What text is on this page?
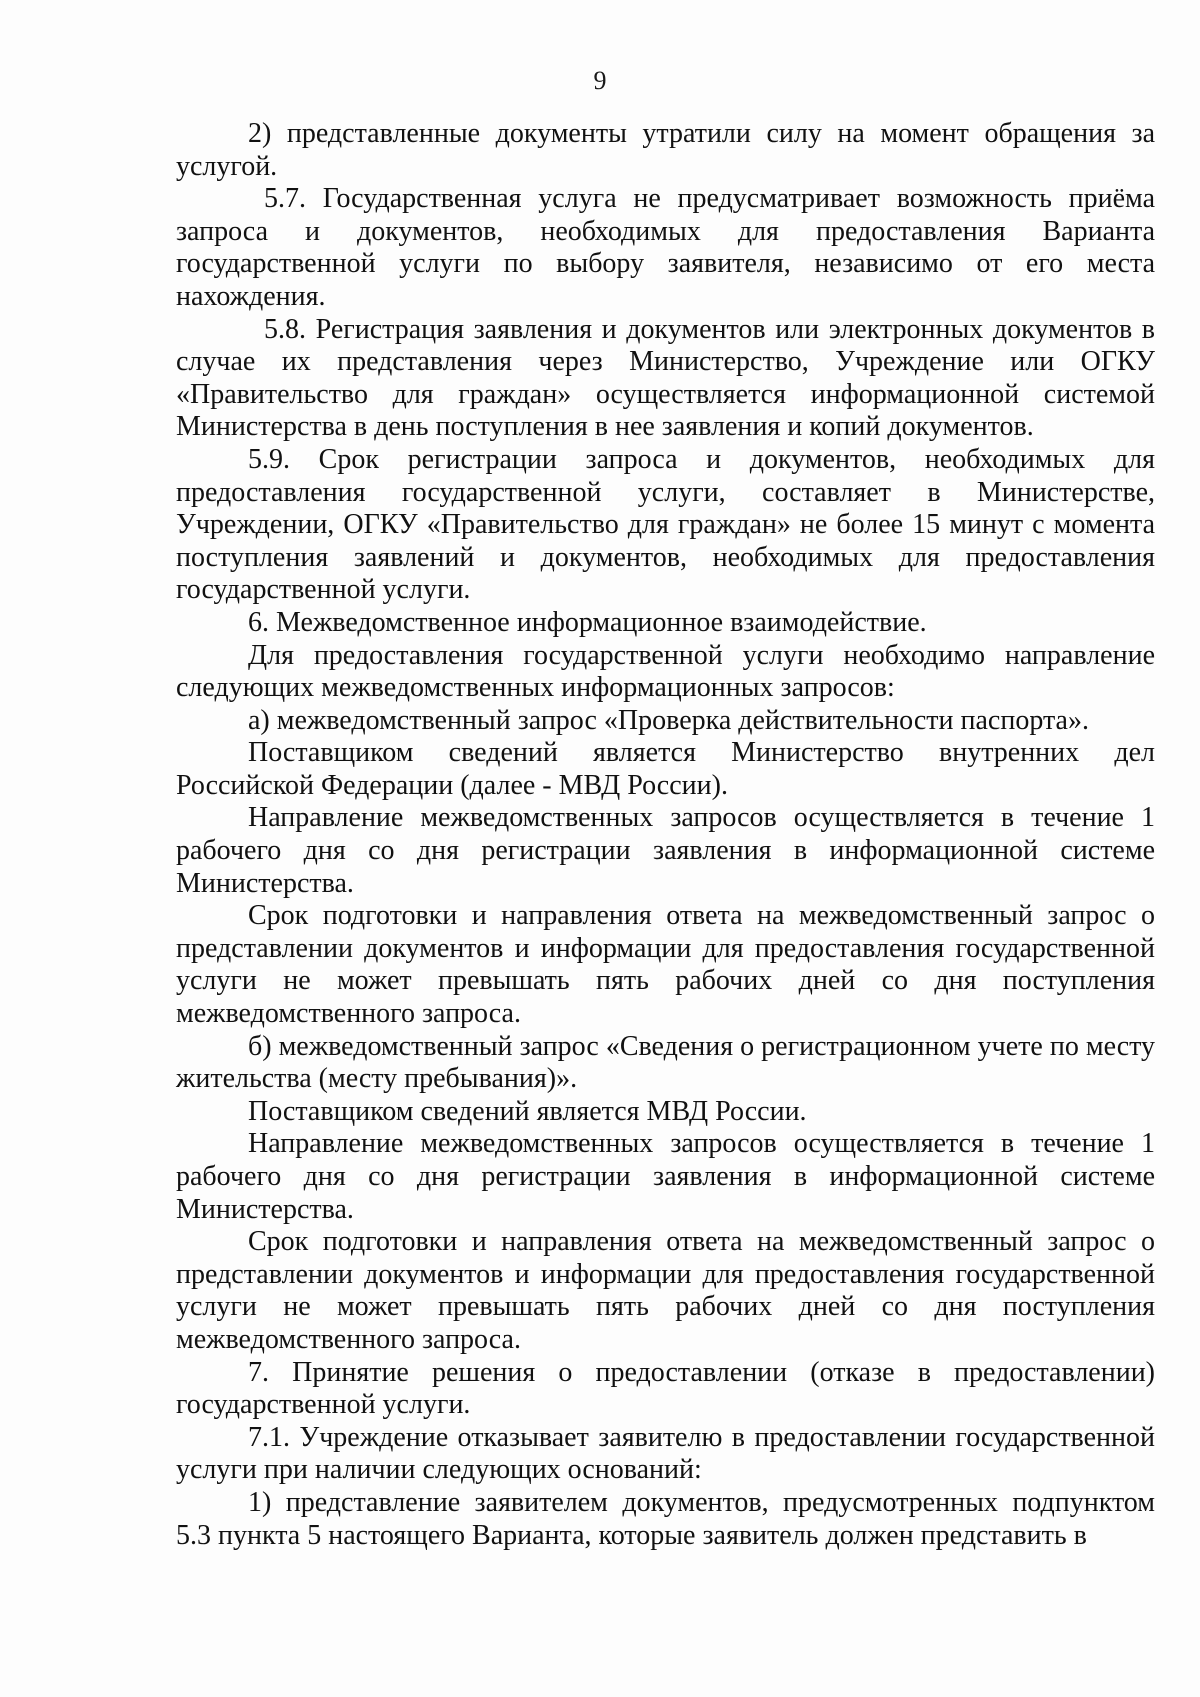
9

2) представленные документы утратили силу на момент обращения за услугой.

5.7. Государственная услуга не предусматривает возможность приёма запроса и документов, необходимых для предоставления Варианта государственной услуги по выбору заявителя, независимо от его места нахождения.

5.8. Регистрация заявления и документов или электронных документов в случае их представления через Министерство, Учреждение или ОГКУ «Правительство для граждан» осуществляется информационной системой Министерства в день поступления в нее заявления и копий документов.

5.9. Срок регистрации запроса и документов, необходимых для предоставления государственной услуги, составляет в Министерстве, Учреждении, ОГКУ «Правительство для граждан» не более 15 минут с момента поступления заявлений и документов, необходимых для предоставления государственной услуги.

6. Межведомственное информационное взаимодействие.

Для предоставления государственной услуги необходимо направление следующих межведомственных информационных запросов:

а) межведомственный запрос «Проверка действительности паспорта».

Поставщиком сведений является Министерство внутренних дел Российской Федерации (далее - МВД России).

Направление межведомственных запросов осуществляется в течение 1 рабочего дня со дня регистрации заявления в информационной системе Министерства.

Срок подготовки и направления ответа на межведомственный запрос о представлении документов и информации для предоставления государственной услуги не может превышать пять рабочих дней со дня поступления межведомственного запроса.

б) межведомственный запрос «Сведения о регистрационном учете по месту жительства (месту пребывания)».

Поставщиком сведений является МВД России.

Направление межведомственных запросов осуществляется в течение 1 рабочего дня со дня регистрации заявления в информационной системе Министерства.

Срок подготовки и направления ответа на межведомственный запрос о представлении документов и информации для предоставления государственной услуги не может превышать пять рабочих дней со дня поступления межведомственного запроса.

7. Принятие решения о предоставлении (отказе в предоставлении) государственной услуги.

7.1. Учреждение отказывает заявителю в предоставлении государственной услуги при наличии следующих оснований:

1) представление заявителем документов, предусмотренных подпунктом 5.3 пункта 5 настоящего Варианта, которые заявитель должен представить в
